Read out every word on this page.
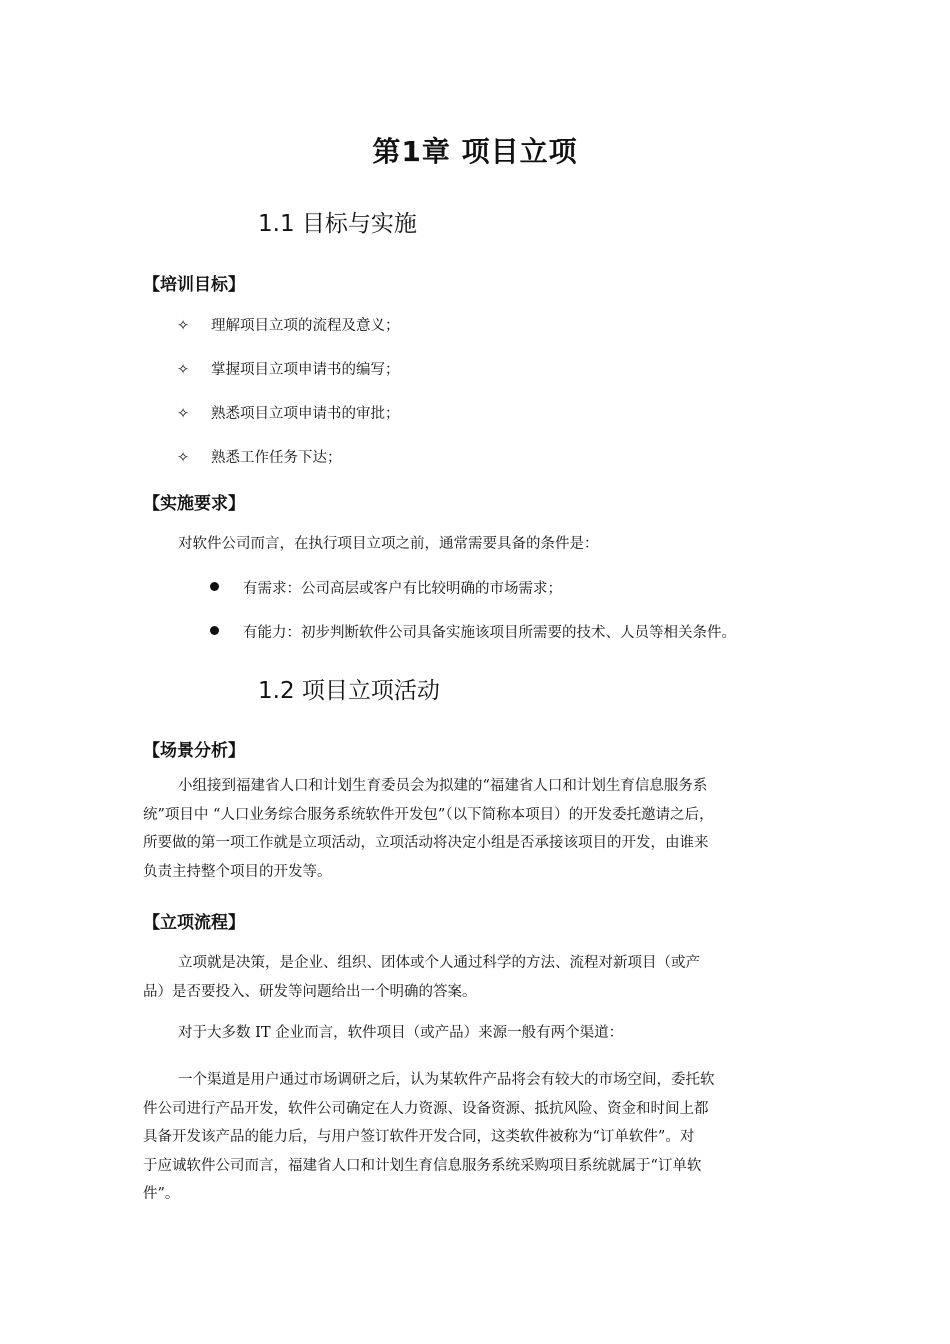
第1章 项目立项
1.1 目标与实施
【培训目标】
✧ 理解项目立项的流程及意义；
✧ 掌握项目立项申请书的编写；
✧ 熟悉项目立项申请书的审批；
✧ 熟悉工作任务下达；
【实施要求】
对软件公司而言，在执行项目立项之前，通常需要具备的条件是：
有需求：公司高层或客户有比较明确的市场需求；
有能力：初步判断软件公司具备实施该项目所需要的技术、人员等相关条件。
1.2 项目立项活动
【场景分析】
小组接到福建省人口和计划生育委员会为拟建的“福建省人口和计划生育信息服务系
统”项目中 “人口业务综合服务系统软件开发包”（以下简称本项目）的开发委托邀请之后，
所要做的第一项工作就是立项活动，立项活动将决定小组是否承接该项目的开发，由谁来
负责主持整个项目的开发等。
【立项流程】
立项就是决策，是企业、组织、团体或个人通过科学的方法、流程对新项目（或产
品）是否要投入、研发等问题给出一个明确的答案。
对于大多数 IT 企业而言，软件项目（或产品）来源一般有两个渠道：
一个渠道是用户通过市场调研之后，认为某软件产品将会有较大的市场空间，委托软
件公司进行产品开发，软件公司确定在人力资源、设备资源、抵抗风险、资金和时间上都
具备开发该产品的能力后，与用户签订软件开发合同，这类软件被称为“订单软件”。对
于应诚软件公司而言，福建省人口和计划生育信息服务系统采购项目系统就属于“订单软
件”。
